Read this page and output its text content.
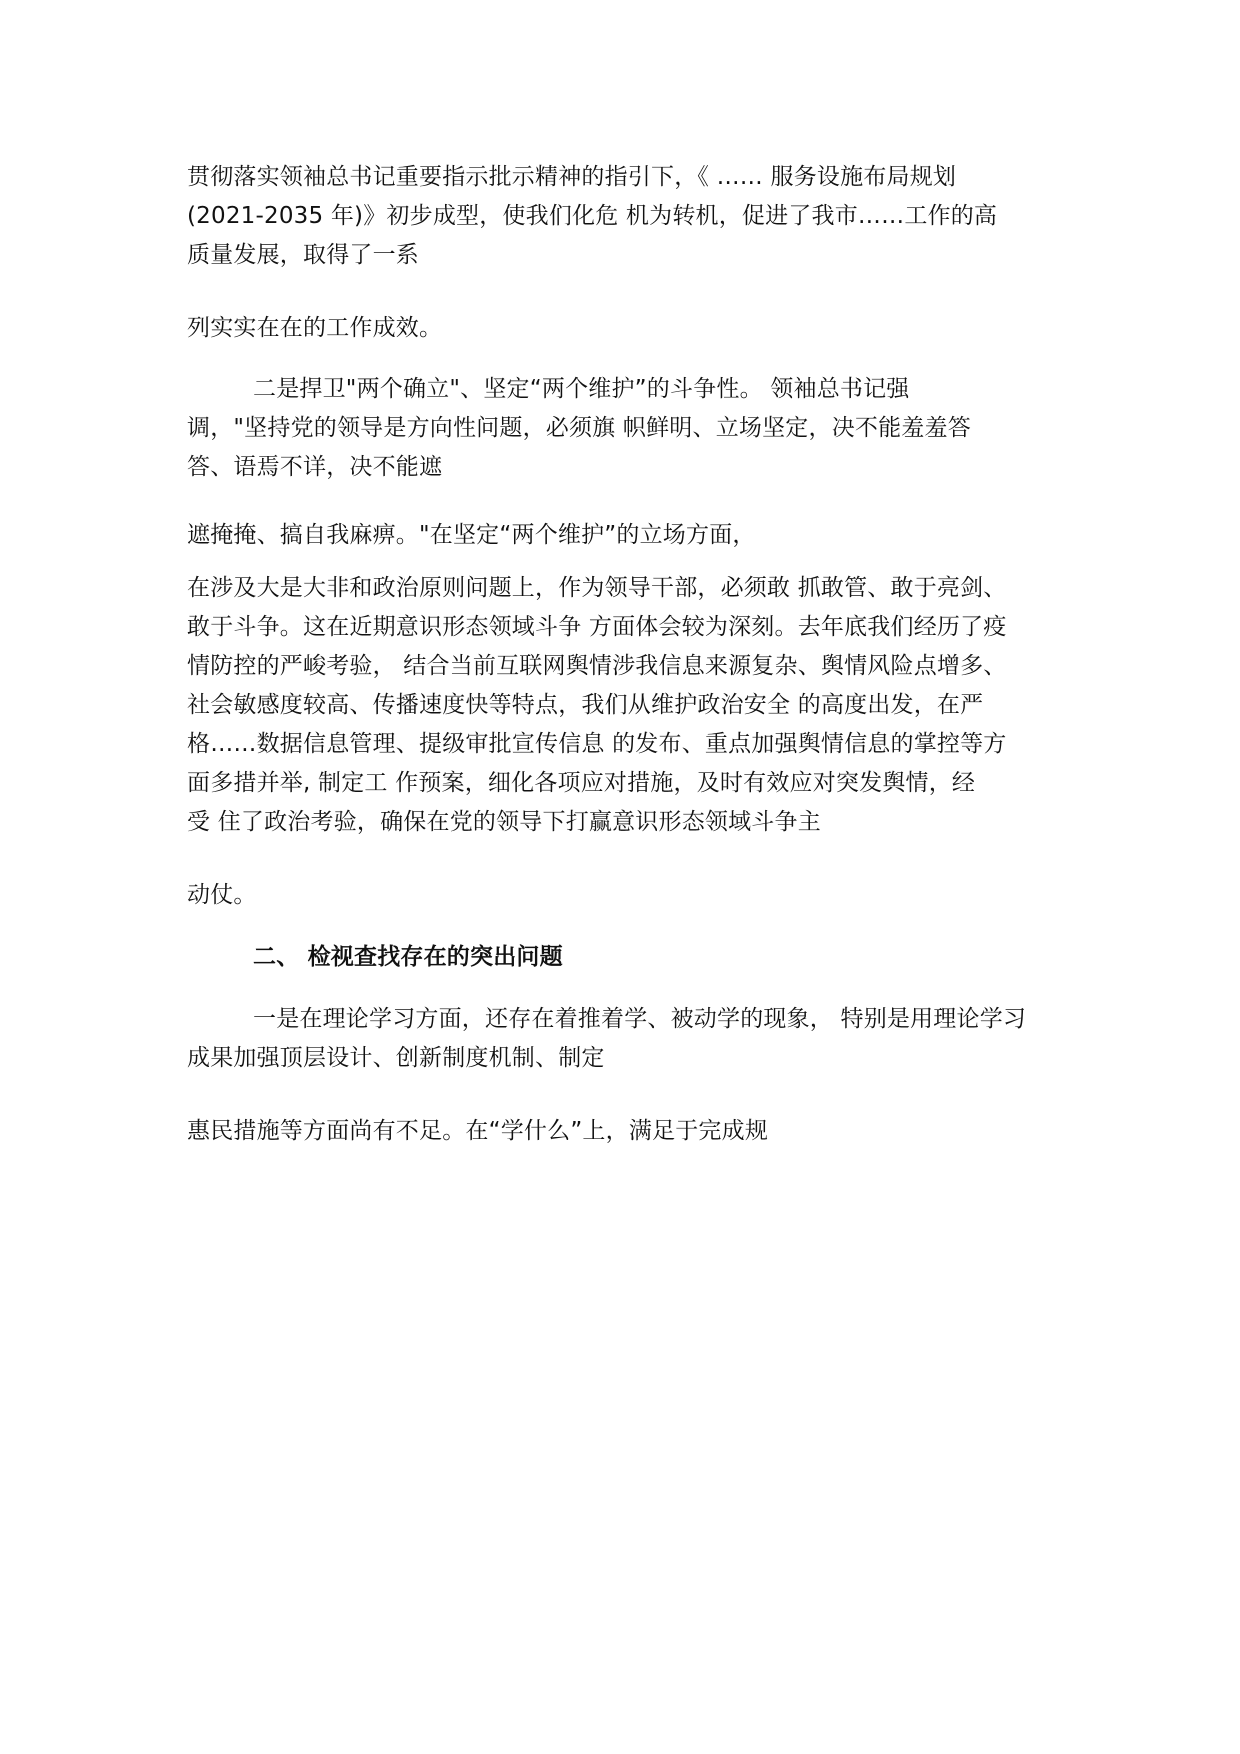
贯彻落实领袖总书记重要指示批示精神的指引下，《 …… 服务设施布局规划
(2021-2035 年)》初步成型，使我们化危 机为转机，促进了我市……工作的高
质量发展，取得了一系
列实实在在的工作成效。
二是捍卫"两个确立"、坚定“两个维护”的斗争性。 领袖总书记强
调，"坚持党的领导是方向性问题，必须旗 帜鲜明、立场坚定，决不能羞羞答
答、语焉不详，决不能遮
遮掩掩、搞自我麻痹。"在坚定“两个维护”的立场方面，
在涉及大是大非和政治原则问题上，作为领导干部，必须敢 抓敢管、敢于亮剑、
敢于斗争。这在近期意识形态领域斗争 方面体会较为深刻。去年底我们经历了疫
情防控的严峻考验， 结合当前互联网舆情涉我信息来源复杂、舆情风险点增多、
社会敏感度较高、传播速度快等特点，我们从维护政治安全 的高度出发，在严
格……数据信息管理、提级审批宣传信息 的发布、重点加强舆情信息的掌控等方
面多措并举, 制定工 作预案，细化各项应对措施，及时有效应对突发舆情，经
受 住了政治考验，确保在党的领导下打赢意识形态领域斗争主
动仗。
二、 检视查找存在的突出问题
一是在理论学习方面，还存在着推着学、被动学的现象， 特别是用理论学习
成果加强顶层设计、创新制度机制、制定
惠民措施等方面尚有不足。在“学什么”上，满足于完成规
